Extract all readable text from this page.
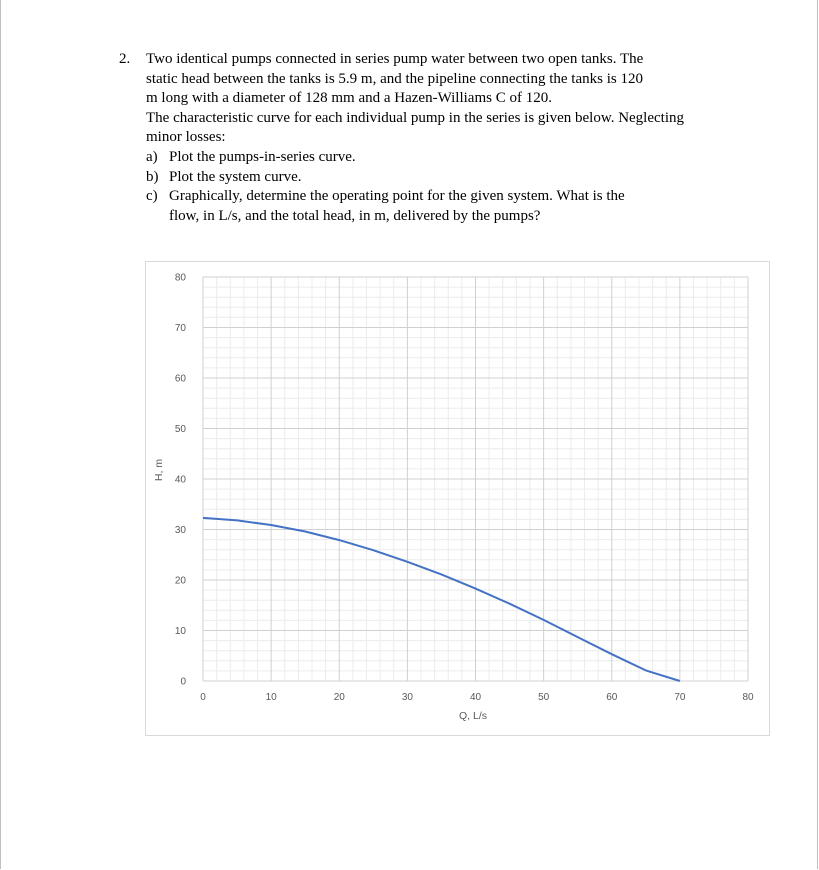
2. Two identical pumps connected in series pump water between two open tanks. The
static head between the tanks is 5.9 m, and the pipeline connecting the tanks is 120
m long with a diameter of 128 mm and a Hazen-Williams C of 120.
The characteristic curve for each individual pump in the series is given below. Neglecting
minor losses:
a) Plot the pumps-in-series curve.
b) Plot the system curve.
c) Graphically, determine the operating point for the given system. What is the
flow, in L/s, and the total head, in m, delivered by the pumps?
0	10	20	30	40	50	60	70	80
0
10
20
30
40
50
60
70
80
Q, L/s
H, m
